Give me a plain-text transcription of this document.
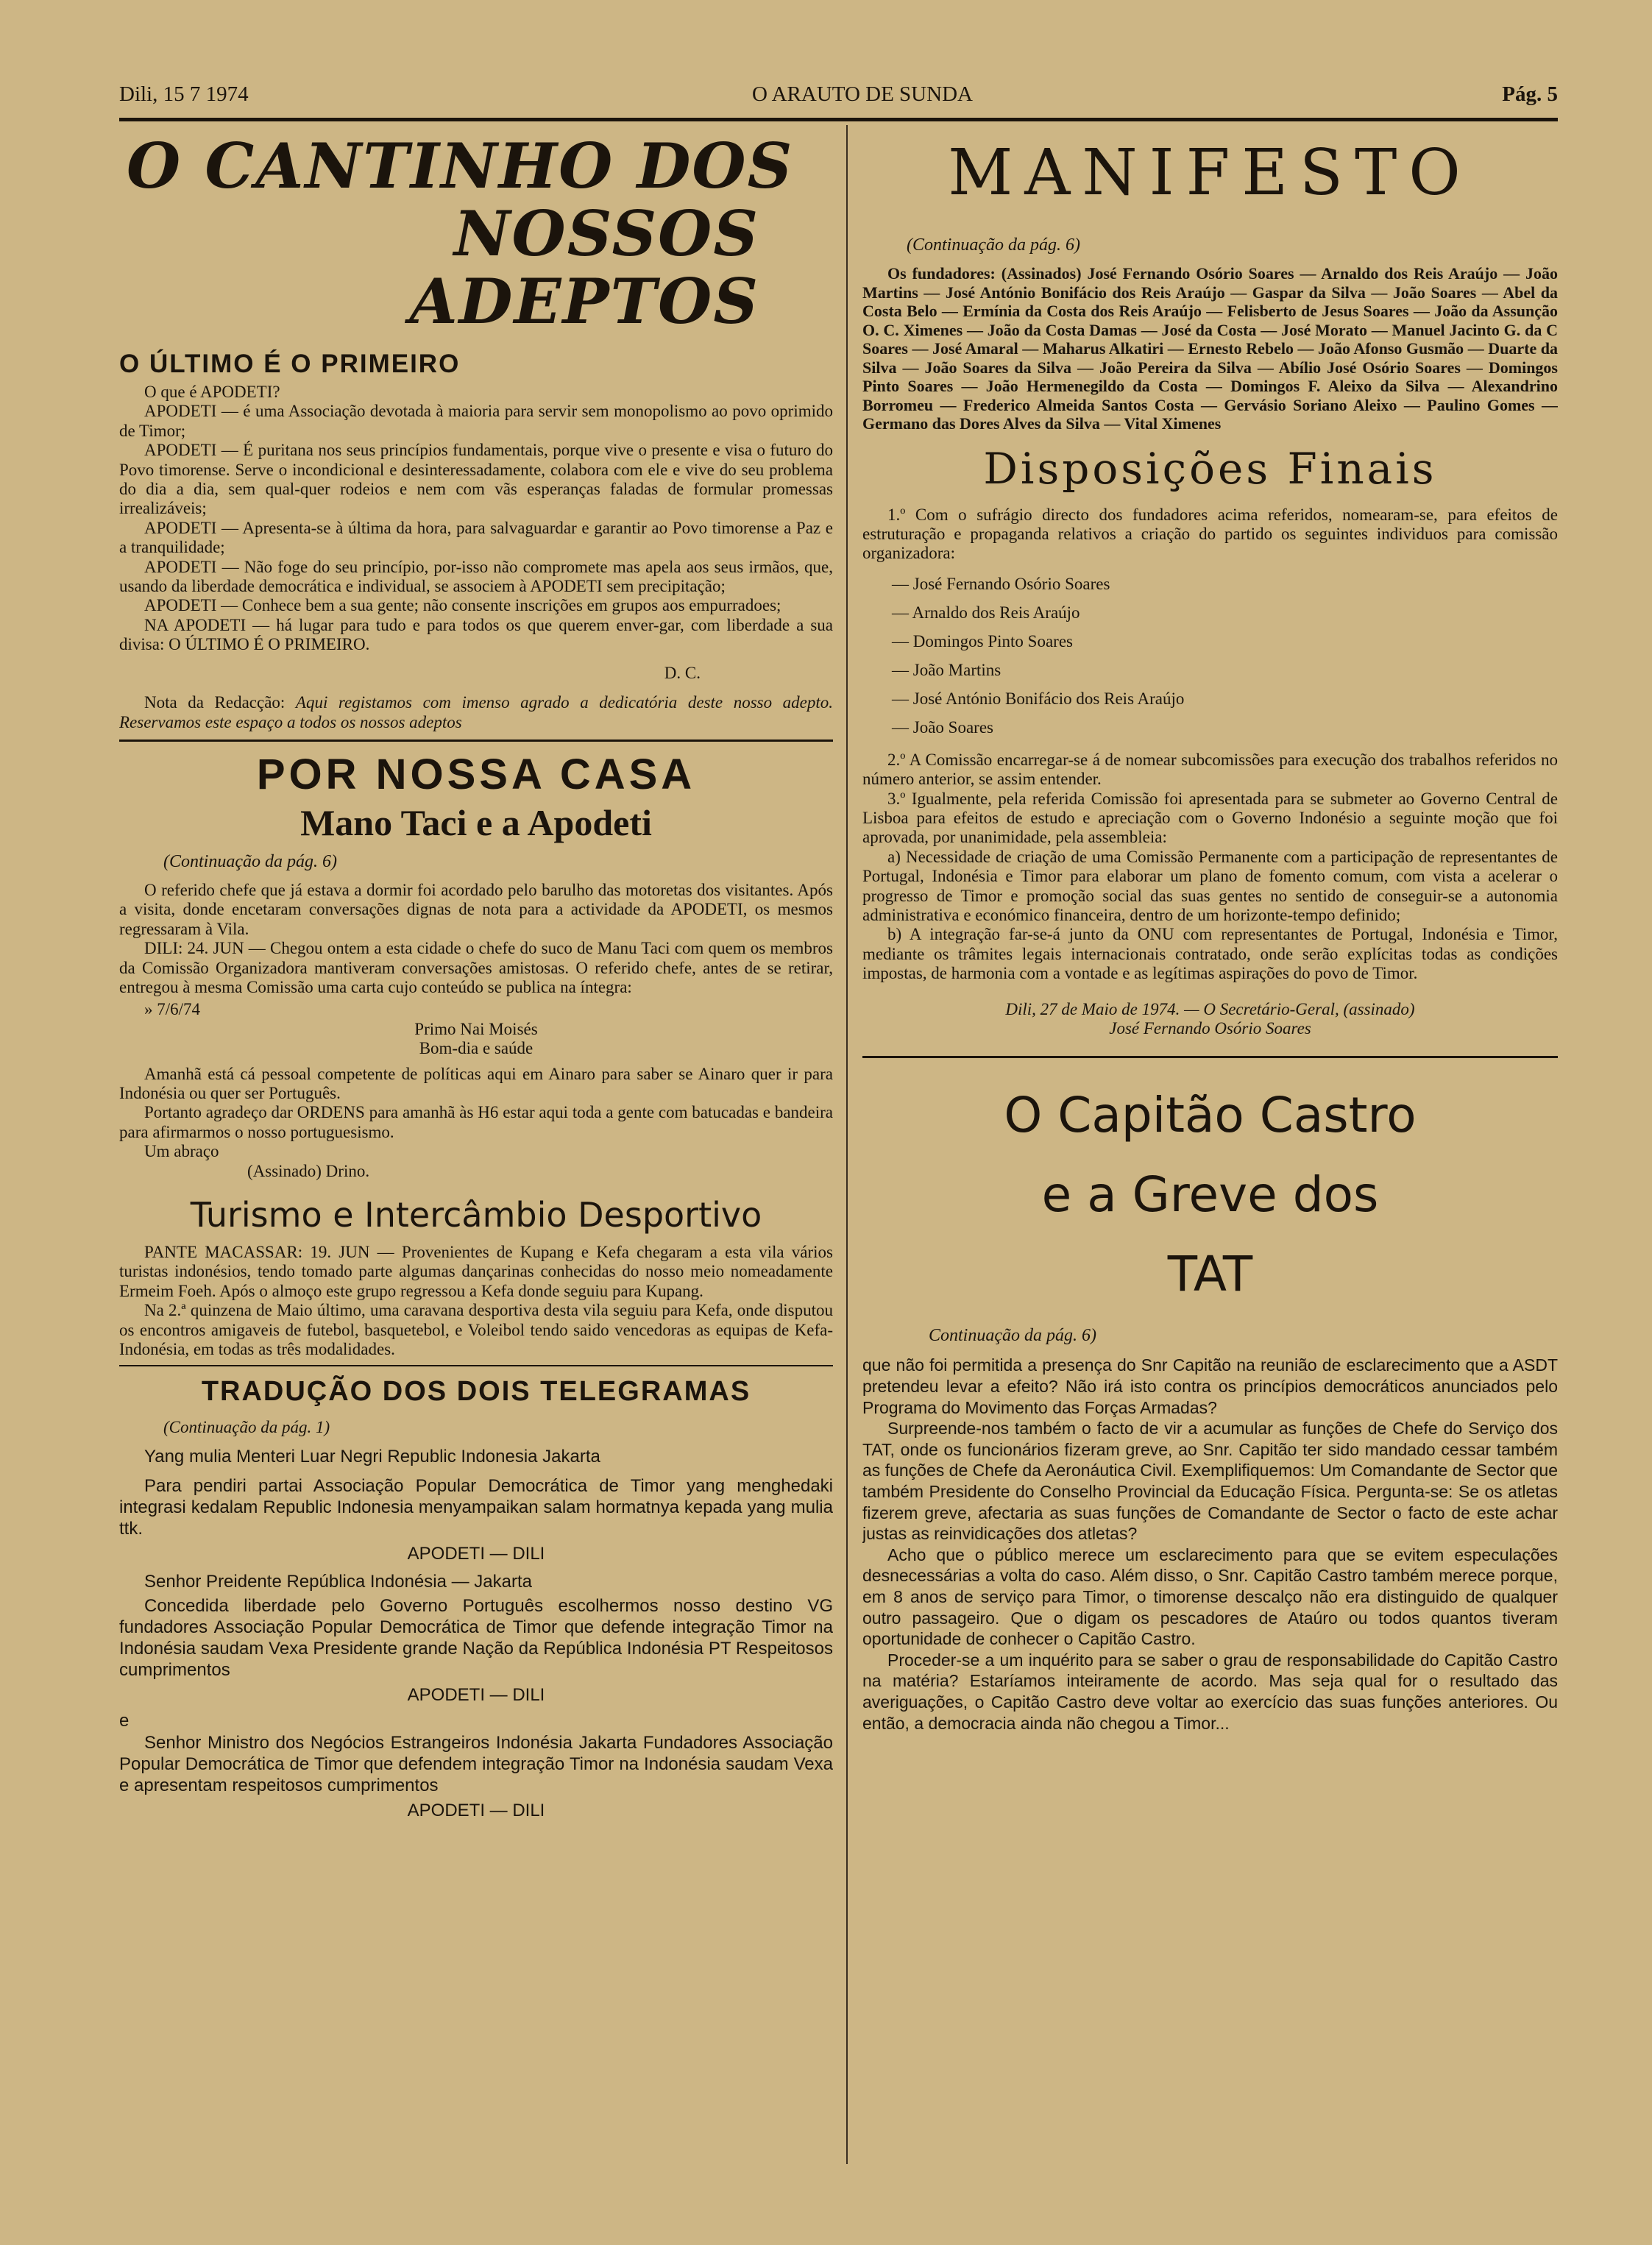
Dili, 15 7 1974	O ARAUTO DE SUNDA	Pág. 5
O CANTINHO DOS
NOSSOS ADEPTOS
O ÚLTIMO É O PRIMEIRO

O que é APODETI?

APODETI — é uma Associação devotada à maioria para servir sem monopolismo ao povo oprimido de Timor;

APODETI — É puritana nos seus princípios fundamentais, porque vive o presente e visa o futuro do Povo timorense. Serve o incondicional e desinteressadamente, colabora com ele e vive do seu problema do dia a dia, sem qual-quer rodeios e nem com vãs esperanças faladas de formular promessas irrealizáveis;

APODETI — Apresenta-se à última da hora, para salvaguardar e garantir ao Povo timorense a Paz e a tranquilidade;

APODETI — Não foge do seu princípio, por-isso não compromete mas apela aos seus irmãos, que, usando da liberdade democrática e individual, se associem à APODETI sem precipitação;

APODETI — Conhece bem a sua gente; não consente inscrições em grupos aos empurradoes;

NA APODETI — há lugar para tudo e para todos os que querem enver-gar, com liberdade a sua divisa: O ÚLTIMO É O PRIMEIRO.

D. C.

Nota da Redacção: Aqui registamos com imenso agrado a dedicatória deste nosso adepto. Reservamos este espaço a todos os nossos adeptos

POR NOSSA CASA
Mano Taci e a Apodeti
(Continuação da pág. 6)

O referido chefe que já estava a dormir foi acordado pelo barulho das motoretas dos visitantes. Após a visita, donde encetaram conversações dignas de nota para a actividade da APODETI, os mesmos regressaram à Vila.

DILI: 24. JUN — Chegou ontem a esta cidade o chefe do suco de Manu Taci com quem os membros da Comissão Organizadora mantiveram conversações amistosas. O referido chefe, antes de se retirar, entregou à mesma Comissão uma carta cujo conteúdo se publica na íntegra:

» 7/6/74

Primo Nai Moisés

Bom-dia e saúde

Amanhã está cá pessoal competente de políticas aqui em Ainaro para saber se Ainaro quer ir para Indonésia ou quer ser Português.

Portanto agradeço dar ORDENS para amanhã às H6 estar aqui toda a gente com batucadas e bandeira para afirmarmos o nosso portuguesismo.

Um abraço

(Assinado) Drino.

Turismo e Intercâmbio Desportivo

PANTE MACASSAR: 19. JUN — Provenientes de Kupang e Kefa chegaram a esta vila vários turistas indonésios, tendo tomado parte algumas dançarinas conhecidas do nosso meio nomeadamente Ermeim Foeh. Após o almoço este grupo regressou a Kefa donde seguiu para Kupang.

Na 2.ª quinzena de Maio último, uma caravana desportiva desta vila seguiu para Kefa, onde disputou os encontros amigaveis de futebol, basquetebol, e Voleibol tendo saido vencedoras as equipas de Kefa-Indonésia, em todas as três modalidades.

TRADUÇÃO DOS DOIS TELEGRAMAS
(Continuação da pág. 1)

Yang mulia Menteri Luar Negri Republic Indonesia Jakarta

Para pendiri partai Associação Popular Democrática de Timor yang menghedaki integrasi kedalam Republic Indonesia menyampaikan salam hormatnya kepada yang mulia ttk.

APODETI — DILI

Senhor Preidente República Indonésia — Jakarta

Concedida liberdade pelo Governo Português escolhermos nosso destino VG fundadores Associação Popular Democrática de Timor que defende integração Timor na Indonésia saudam Vexa Presidente grande Nação da República Indonésia PT Respeitosos cumprimentos

APODETI — DILI

e

Senhor Ministro dos Negócios Estrangeiros Indonésia Jakarta Fundadores Associação Popular Democrática de Timor que defendem integração Timor na Indonésia saudam Vexa e apresentam respeitosos cumprimentos

APODETI — DILI

MANIFESTO
(Continuação da pág. 6)

Os fundadores: (Assinados) José Fernando Osório Soares — Arnaldo dos Reis Araújo — João Martins — José António Bonifácio dos Reis Araújo — Gaspar da Silva — João Soares — Abel da Costa Belo — Ermínia da Costa dos Reis Araújo — Felisberto de Jesus Soares — João da Assunção O. C. Ximenes — João da Costa Damas — José da Costa — José Morato — Manuel Jacinto G. da C Soares — José Amaral — Maharus Alkatiri — Ernesto Rebelo — João Afonso Gusmão — Duarte da Silva — João Soares da Silva — João Pereira da Silva — Abílio José Osório Soares — Domingos Pinto Soares — João Hermenegildo da Costa — Domingos F. Aleixo da Silva — Alexandrino Borromeu — Frederico Almeida Santos Costa — Gervásio Soriano Aleixo — Paulino Gomes — Germano das Dores Alves da Silva — Vital Ximenes

Disposições Finais

1.º Com o sufrágio directo dos fundadores acima referidos, nomearam-se, para efeitos de estruturação e propaganda relativos a criação do partido os seguintes individuos para comissão organizadora:

— José Fernando Osório Soares
— Arnaldo dos Reis Araújo
— Domingos Pinto Soares
— João Martins
— José António Bonifácio dos Reis Araújo
— João Soares

2.º A Comissão encarregar-se á de nomear subcomissões para execução dos trabalhos referidos no número anterior, se assim entender.

3.º Igualmente, pela referida Comissão foi apresentada para se submeter ao Governo Central de Lisboa para efeitos de estudo e apreciação com o Governo Indonésio a seguinte moção que foi aprovada, por unanimidade, pela assembleia:

a) Necessidade de criação de uma Comissão Permanente com a participação de representantes de Portugal, Indonésia e Timor para elaborar um plano de fomento comum, com vista a acelerar o progresso de Timor e promoção social das suas gentes no sentido de conseguir-se a autonomia administrativa e económico financeira, dentro de um horizonte-tempo definido;

b) A integração far-se-á junto da ONU com representantes de Portugal, Indonésia e Timor, mediante os trâmites legais internacionais contratado, onde serão explícitas todas as condições impostas, de harmonia com a vontade e as legítimas aspirações do povo de Timor.

Dili, 27 de Maio de 1974. — O Secretário-Geral, (assinado)

José Fernando Osório Soares

O Capitão Castro
e a Greve dos
TAT
Continuação da pág. 6)

que não foi permitida a presença do Snr Capitão na reunião de esclarecimento que a ASDT pretendeu levar a efeito? Não irá isto contra os princípios democráticos anunciados pelo Programa do Movimento das Forças Armadas?

Surpreende-nos também o facto de vir a acumular as funções de Chefe do Serviço dos TAT, onde os funcionários fizeram greve, ao Snr. Capitão ter sido mandado cessar também as funções de Chefe da Aeronáutica Civil. Exemplifiquemos: Um Comandante de Sector que também Presidente do Conselho Provincial da Educação Física. Pergunta-se: Se os atletas fizerem greve, afectaria as suas funções de Comandante de Sector o facto de este achar justas as reinvidicações dos atletas?

Acho que o público merece um esclarecimento para que se evitem especulações desnecessárias a volta do caso. Além disso, o Snr. Capitão Castro também merece porque, em 8 anos de serviço para Timor, o timorense descalço não era distinguido de qualquer outro passageiro. Que o digam os pescadores de Ataúro ou todos quantos tiveram oportunidade de conhecer o Capitão Castro.

Proceder-se a um inquérito para se saber o grau de responsabilidade do Capitão Castro na matéria? Estaríamos inteiramente de acordo. Mas seja qual for o resultado das averiguações, o Capitão Castro deve voltar ao exercício das suas funções anteriores. Ou então, a democracia ainda não chegou a Timor...
